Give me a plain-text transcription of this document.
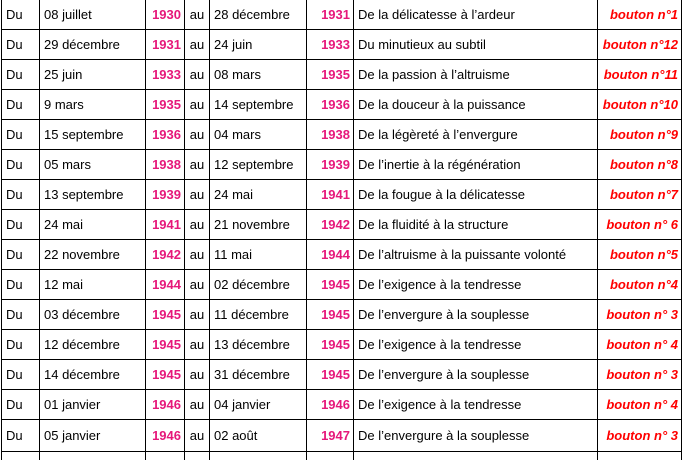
Du	08 juillet	1930	au	28 décembre	1931	De la délicatesse à l’ardeur	bouton n°1
Du	29 décembre	1931	au	24 juin	1933	Du minutieux au subtil	bouton n°12
Du	25 juin	1933	au	08 mars	1935	De la passion à l’altruisme	bouton n°11
Du	9 mars	1935	au	14 septembre	1936	De la douceur à la puissance	bouton n°10
Du	15 septembre	1936	au	04 mars	1938	De la légèreté à l’envergure	bouton n°9
Du	05 mars	1938	au	12 septembre	1939	De l’inertie à la régénération	bouton n°8
Du	13 septembre	1939	au	24 mai	1941	De la fougue à la délicatesse	bouton n°7
Du	24 mai	1941	au	21 novembre	1942	De la fluidité à la structure	bouton n° 6
Du	22 novembre	1942	au	11 mai	1944	De l’altruisme à la puissante volonté	bouton n°5
Du	12 mai	1944	au	02 décembre	1945	De l’exigence à la tendresse	bouton n°4
Du	03 décembre	1945	au	11 décembre	1945	De l’envergure à la souplesse	bouton n° 3
Du	12 décembre	1945	au	13 décembre	1945	De l’exigence à la tendresse	bouton n° 4
Du	14 décembre	1945	au	31 décembre	1945	De l’envergure à la souplesse	bouton n° 3
Du	01 janvier	1946	au	04 janvier	1946	De l’exigence à la tendresse	bouton n° 4
Du	05 janvier	1946	au	02 août	1947	De l’envergure à la souplesse	bouton n° 3
